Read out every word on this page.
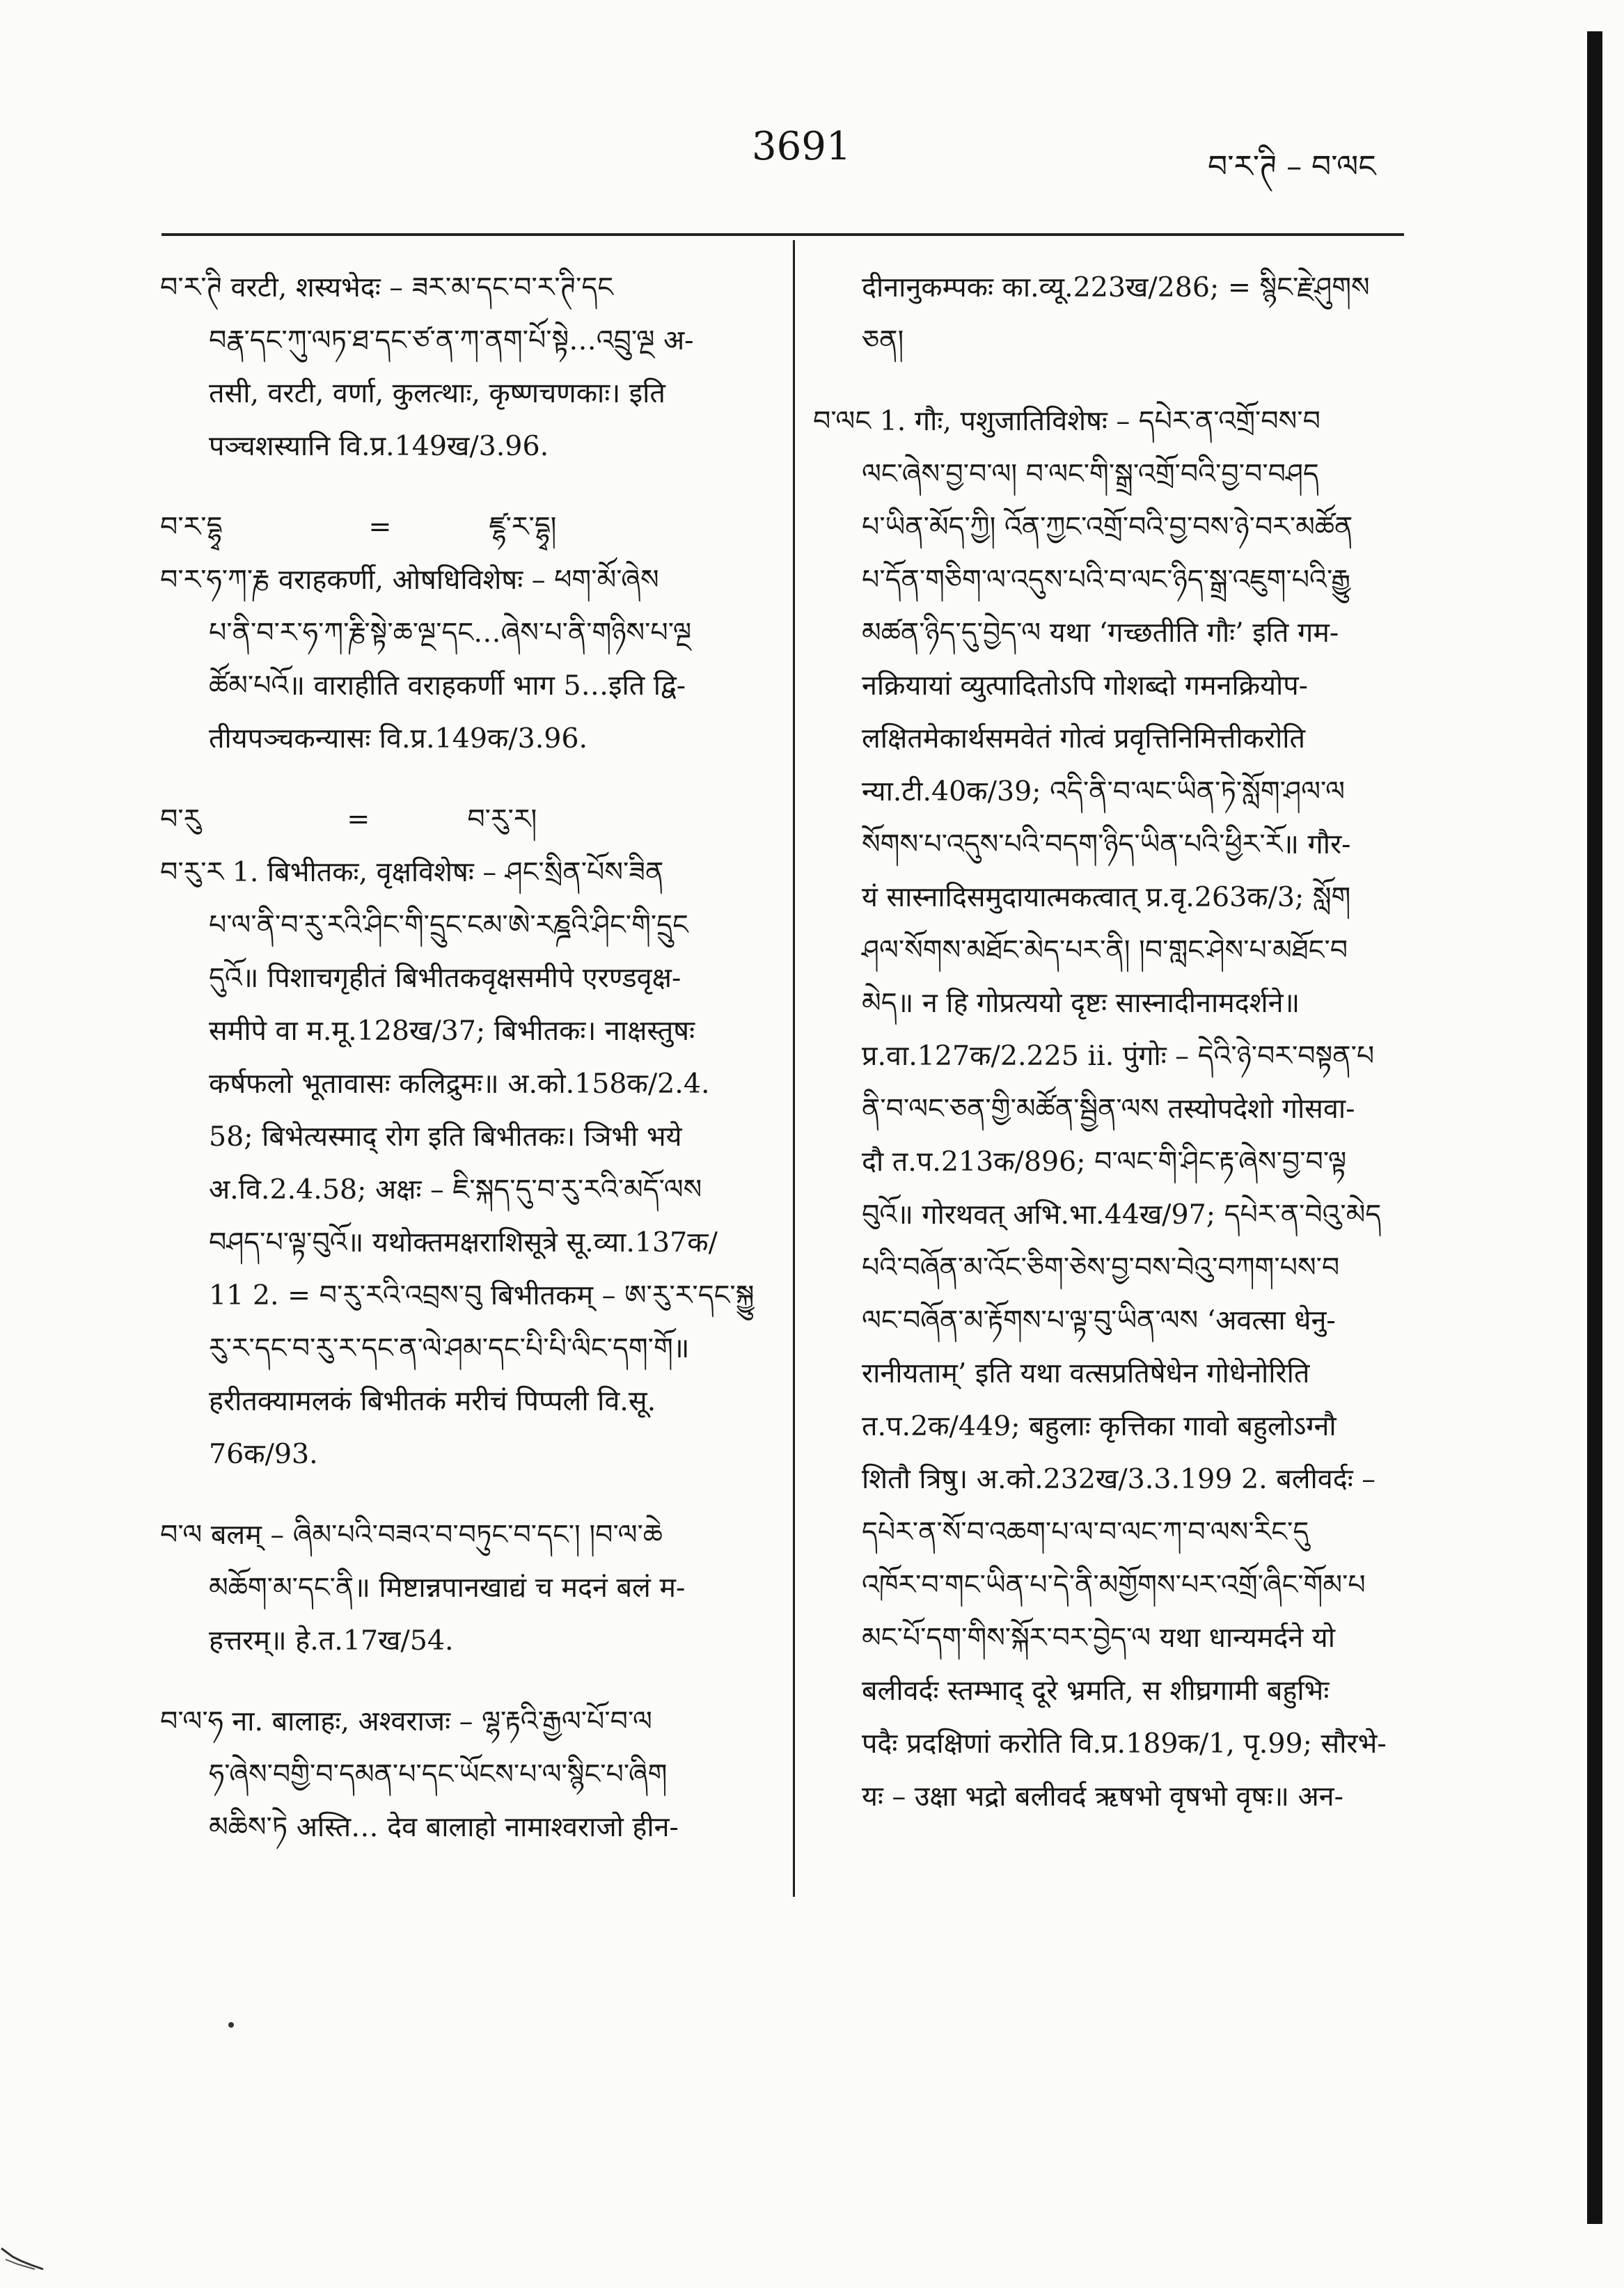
3691	བ་ར་ཊི – བ་ལང
བ་ར་ཊི वरटी, शस्यभेदः – ཟར་མ་དང་བ་ར་ཊི་དང
བརྣ་དང་ཀུ་ལཏ་ཐ་དང་ཙ་ན་ཀ་ནག་པོ་སྟེ…འབྲུ་ལྔ अ-
तसी, वरटी, वर्णा, कुलत्थाः, कृष्णचणकाः। इति
पञ्चशस्यानि वि.प्र.149ख/3.96.

བ་ར་དྷྭ	=	ཛྷ་ར་དྷྭ།

བ་ར་ཧ་ཀ་རྞ वराहकर्णी, ओषधिविशेषः – ཕག་མོ་ཞེས
པ་ནི་བ་ར་ཧ་ཀ་རྞི་སྟེ་ཆ་ལྔ་དང…ཞེས་པ་ནི་གཉིས་པ་ལྔ
ཚོམ་པའོ॥ वाराहीति वराहकर्णी भाग 5…इति द्वि-
तीयपञ्चकन्यासः वि.प्र.149क/3.96.

བ་རུ	=	བ་རུ་ར།

བ་རུ་ར 1. बिभीतकः, वृक्षविशेषः – ཤང་སྲིན་པོས་ཟིན
པ་ལ་ནི་བ་རུ་རའི་ཤིང་གི་དྲུང་ངམ་ཨེ་རཎྜའི་ཤིང་གི་དྲུང
དུའོ॥ पिशाचगृहीतं बिभीतकवृक्षसमीपे एरण्डवृक्ष-
समीपे वा म.मू.128ख/37; बिभीतकः। नाक्षस्तुषः
कर्षफलो भूतावासः कलिद्रुमः॥ अ.को.158क/2.4.
58; बिभेत्यस्माद् रोग इति बिभीतकः। ञिभी भये
अ.वि.2.4.58; अक्षः – ཇི་སྐད་དུ་བ་རུ་རའི་མདོ་ལས
བཤད་པ་ལྟ་བུའོ॥ यथोक्तमक्षराशिसूत्रे सू.व्या.137क/
11 2. = བ་རུ་རའི་འབྲས་བུ बिभीतकम् – ཨ་རུ་ར་དང་སྐྱུ
རུ་ར་དང་བ་རུ་ར་དང་ན་ལེ་ཤམ་དང་པི་པི་ལིང་དག་གོ॥
हरीतक्यामलकं बिभीतकं मरीचं पिप्पली वि.सू.
76क/93.
བ་ལ बलम् – ཞིམ་པའི་བཟའ་བ་བཏུང་བ་དང་། །བ་ལ་ཆེ
མཆོག་མ་དང་ནི॥ मिष्टान्नपानखाद्यं च मदनं बलं म-
हत्तरम्॥ हे.त.17ख/54.
བ་ལ་ཧ ना. बालाहः, अश्वराजः – ལྷ་རྟའི་རྒྱལ་པོ་བ་ལ
ཧ་ཞེས་བགྱི་བ་དམན་པ་དང་ཡོངས་པ་ལ་སྙིང་པ་ཞིག
མཆིས་ཏེ अस्ति… देव बालाहो नामाश्वराजो हीन-
दीनानुकम्पकः का.व्यू.223ख/286; = སྙིང་རྗེ་ཤུགས
ཅན།
བ་ལང 1. गौः, पशुजातिविशेषः – དཔེར་ན་འགྲོ་བས་བ
ལང་ཞེས་བྱ་བ་ལ། བ་ལང་གི་སྒྲ་འགྲོ་བའི་བྱ་བ་བཤད
པ་ཡིན་མོད་ཀྱི། འོན་ཀྱང་འགྲོ་བའི་བྱ་བས་ཉེ་བར་མཚོན
པ་དོན་གཅིག་ལ་འདུས་པའི་བ་ལང་ཉིད་སྒྲ་འཇུག་པའི་རྒྱུ
མཚན་ཉིད་དུ་བྱེད་ལ यथा ‘गच्छतीति गौः’ इति गम-
नक्रियायां व्युत्पादितोऽपि गोशब्दो गमनक्रियोप-
लक्षितमेकार्थसमवेतं गोत्वं प्रवृत्तिनिमित्तीकरोति
न्या.टी.40क/39; འདི་ནི་བ་ལང་ཡིན་ཏེ་སློག་ཤལ་ལ
སོགས་པ་འདུས་པའི་བདག་ཉིད་ཡིན་པའི་ཕྱིར་རོ॥ गौर-
यं सास्नादिसमुदायात्मकत्वात् प्र.वृ.263क/3; སློག
ཤལ་སོགས་མཐོང་མེད་པར་ནི། །བ་གླང་ཤེས་པ་མཐོང་བ
མེད॥ न हि गोप्रत्ययो दृष्टः सास्नादीनामदर्शने॥
प्र.वा.127क/2.225 ii. पुंगोः – དེའི་ཉེ་བར་བསྟན་པ
ནི་བ་ལང་ཅན་གྱི་མཚོན་སྦྱིན་ལས तस्योपदेशो गोसवा-
दौ त.प.213क/896; བ་ལང་གི་ཤིང་རྟ་ཞེས་བྱ་བ་ལྟ
བུའོ॥ गोरथवत् अभि.भा.44ख/97; དཔེར་ན་བེའུ་མེད
པའི་བཞོན་མ་འོང་ཅིག་ཅེས་བྱ་བས་བེའུ་བཀག་པས་བ
ལང་བཞོན་མ་རྟོགས་པ་ལྟ་བུ་ཡིན་ལས ‘अवत्सा धेनु-
रानीयताम्’ इति यथा वत्सप्रतिषेधेन गोधेनोरिति
त.प.2क/449; बहुलाः कृत्तिका गावो बहुलोऽग्नौ
शितौ त्रिषु। अ.को.232ख/3.3.199 2. बलीवर्दः –
དཔེར་ན་སོ་བ་འཆག་པ་ལ་བ་ལང་ཀ་བ་ལས་རིང་དུ
འཁོར་བ་གང་ཡིན་པ་དེ་ནི་མགྱོགས་པར་འགྲོ་ཞིང་གོམ་པ
མང་པོ་དག་གིས་སྐོར་བར་བྱེད་ལ यथा धान्यमर्दने यो
बलीवर्दः स्तम्भाद् दूरे भ्रमति, स शीघ्रगामी बहुभिः
पदैः प्रदक्षिणां करोति वि.प्र.189क/1, पृ.99; सौरभे-
यः – उक्षा भद्रो बलीवर्द ऋषभो वृषभो वृषः॥ अन-
